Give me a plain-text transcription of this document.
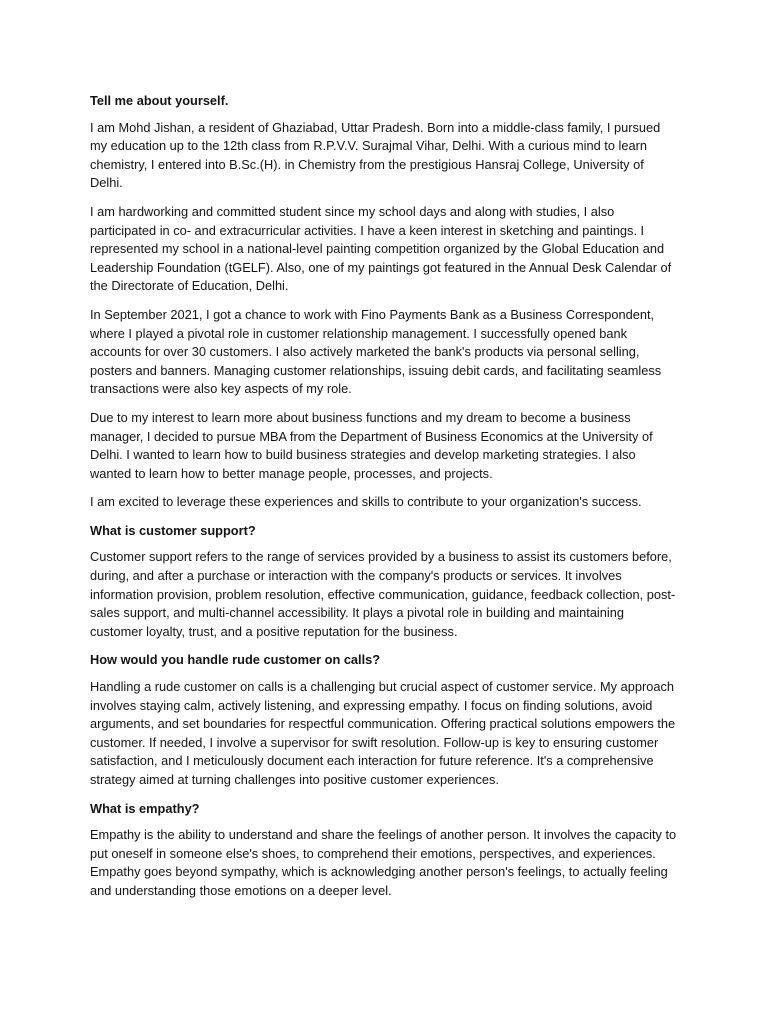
Tell me about yourself.
I am Mohd Jishan, a resident of Ghaziabad, Uttar Pradesh. Born into a middle-class family, I pursued my education up to the 12th class from R.P.V.V. Surajmal Vihar, Delhi. With a curious mind to learn chemistry, I entered into B.Sc.(H). in Chemistry from the prestigious Hansraj College, University of Delhi.
I am hardworking and committed student since my school days and along with studies, I also participated in co- and extracurricular activities. I have a keen interest in sketching and paintings. I represented my school in a national-level painting competition organized by the Global Education and Leadership Foundation (tGELF). Also, one of my paintings got featured in the Annual Desk Calendar of the Directorate of Education, Delhi.
In September 2021, I got a chance to work with Fino Payments Bank as a Business Correspondent, where I played a pivotal role in customer relationship management. I successfully opened bank accounts for over 30 customers. I also actively marketed the bank's products via personal selling, posters and banners. Managing customer relationships, issuing debit cards, and facilitating seamless transactions were also key aspects of my role.
Due to my interest to learn more about business functions and my dream to become a business manager, I decided to pursue MBA from the Department of Business Economics at the University of Delhi. I wanted to learn how to build business strategies and develop marketing strategies. I also wanted to learn how to better manage people, processes, and projects.
I am excited to leverage these experiences and skills to contribute to your organization's success.
What is customer support?
Customer support refers to the range of services provided by a business to assist its customers before, during, and after a purchase or interaction with the company's products or services. It involves information provision, problem resolution, effective communication, guidance, feedback collection, post-sales support, and multi-channel accessibility. It plays a pivotal role in building and maintaining customer loyalty, trust, and a positive reputation for the business.
How would you handle rude customer on calls?
Handling a rude customer on calls is a challenging but crucial aspect of customer service. My approach involves staying calm, actively listening, and expressing empathy. I focus on finding solutions, avoid arguments, and set boundaries for respectful communication. Offering practical solutions empowers the customer. If needed, I involve a supervisor for swift resolution. Follow-up is key to ensuring customer satisfaction, and I meticulously document each interaction for future reference. It's a comprehensive strategy aimed at turning challenges into positive customer experiences.
What is empathy?
Empathy is the ability to understand and share the feelings of another person. It involves the capacity to put oneself in someone else's shoes, to comprehend their emotions, perspectives, and experiences. Empathy goes beyond sympathy, which is acknowledging another person's feelings, to actually feeling and understanding those emotions on a deeper level.
